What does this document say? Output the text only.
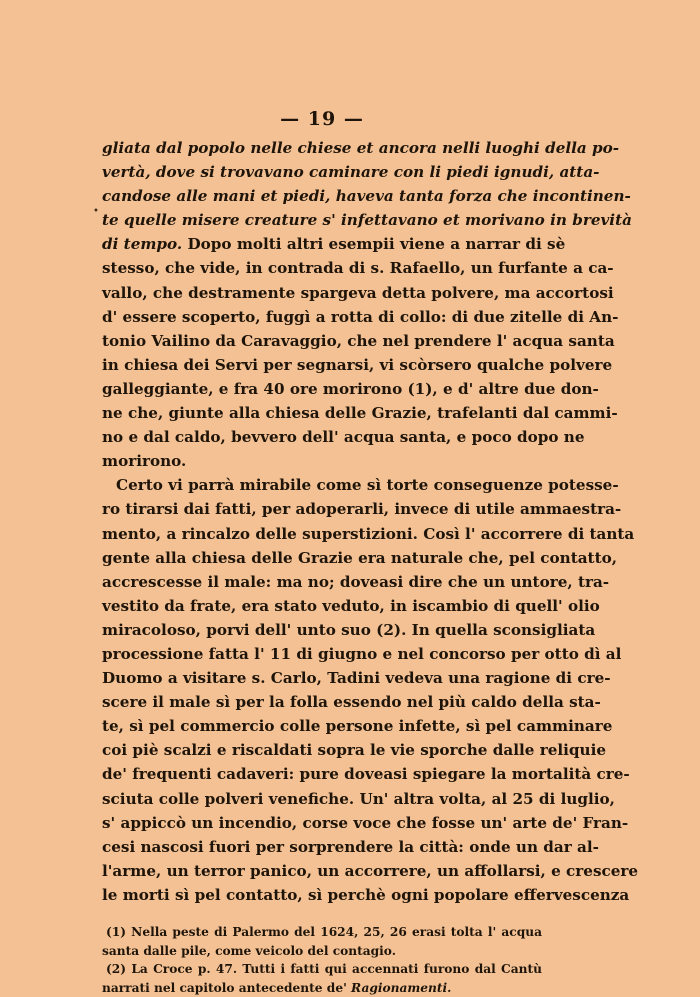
— 19 —
gliata dal popolo nelle chiese et ancora nelli luoghi della po-
vertà, dove si trovavano caminare con li piedi ignudi, atta-
candose alle mani et piedi, haveva tanta forza che incontinen-
te quelle misere creature s' infettavano et morivano in brevità
di tempo. Dopo molti altri esempii viene a narrar di sè
stesso, che vide, in contrada di s. Rafaello, un furfante a ca-
vallo, che destramente spargeva detta polvere, ma accortosi
d' essere scoperto, fuggì a rotta di collo: di due zitelle di An-
tonio Vailino da Caravaggio, che nel prendere l' acqua santa
in chiesa dei Servi per segnarsi, vi scòrsero qualche polvere
galleggiante, e fra 40 ore morirono (1), e d' altre due don-
ne che, giunte alla chiesa delle Grazie, trafelanti dal cammi-
no e dal caldo, bevvero dell' acqua santa, e poco dopo ne
morirono.
Certo vi parrà mirabile come sì torte conseguenze potesse-
ro tirarsi dai fatti, per adoperarli, invece di utile ammaestra-
mento, a rincalzo delle superstizioni. Così l' accorrere di tanta
gente alla chiesa delle Grazie era naturale che, pel contatto,
accrescesse il male: ma no; doveasi dire che un untore, tra-
vestito da frate, era stato veduto, in iscambio di quell' olio
miracoloso, porvi dell' unto suo (2). In quella sconsigliata
processione fatta l' 11 di giugno e nel concorso per otto dì al
Duomo a visitare s. Carlo, Tadini vedeva una ragione di cre-
scere il male sì per la folla essendo nel più caldo della sta-
te, sì pel commercio colle persone infette, sì pel camminare
coi piè scalzi e riscaldati sopra le vie sporche dalle reliquie
de' frequenti cadaveri: pure doveasi spiegare la mortalità cre-
sciuta colle polveri venefiche. Un' altra volta, al 25 di luglio,
s' appiccò un incendio, corse voce che fosse un' arte de' Fran-
cesi nascosi fuori per sorprendere la città: onde un dar al-
l'arme, un terror panico, un accorrere, un affollarsi, e crescere
le morti sì pel contatto, sì perchè ogni popolare effervescenza
(1) Nella peste di Palermo del 1624, 25, 26 erasi tolta l' acqua
santa dalle pile, come veicolo del contagio.
(2) La Croce p. 47. Tutti i fatti qui accennati furono dal Cantù
narrati nel capitolo antecedente de' Ragionamenti.
•
